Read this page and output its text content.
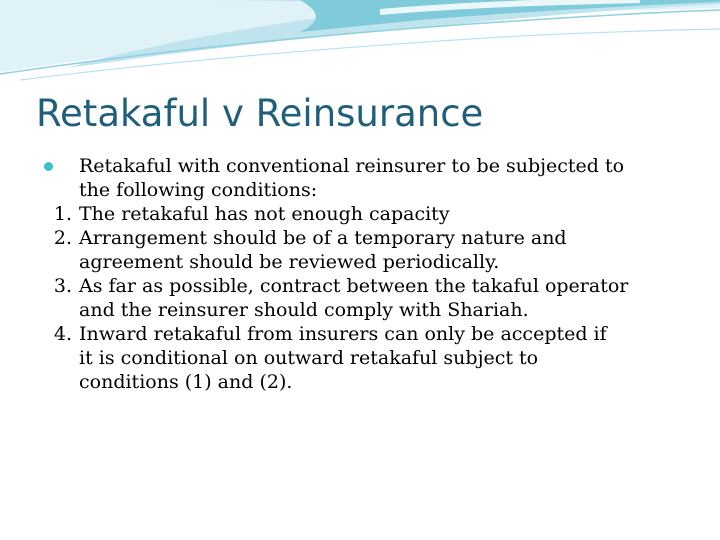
Retakaful v Reinsurance
Retakaful with conventional reinsurer to be subjected to
the following conditions:
1. The retakaful has not enough capacity
2. Arrangement should be of a temporary nature and
agreement should be reviewed periodically.
3. As far as possible, contract between the takaful operator
and the reinsurer should comply with Shariah.
4. Inward retakaful from insurers can only be accepted if
it is conditional on outward retakaful subject to
conditions (1) and (2).
